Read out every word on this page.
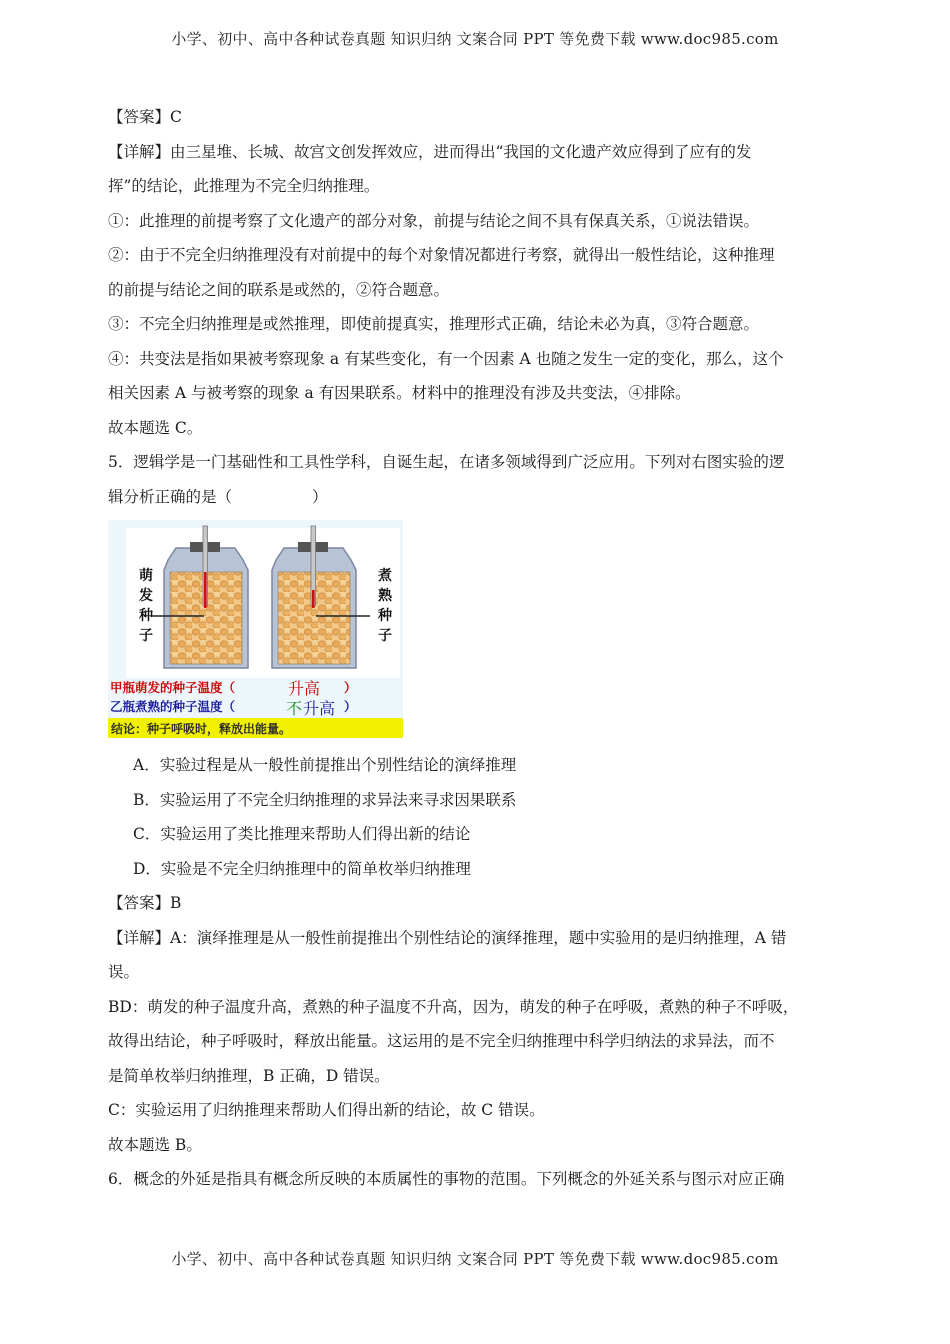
小学、初中、高中各种试卷真题 知识归纳 文案合同 PPT 等免费下载 www.doc985.com
【答案】C
【详解】由三星堆、长城、故宫文创发挥效应，进而得出“我国的文化遗产效应得到了应有的发
挥”的结论，此推理为不完全归纳推理。
①：此推理的前提考察了文化遗产的部分对象，前提与结论之间不具有保真关系，①说法错误。
②：由于不完全归纳推理没有对前提中的每个对象情况都进行考察，就得出一般性结论，这种推理
的前提与结论之间的联系是或然的，②符合题意。
③：不完全归纳推理是或然推理，即使前提真实，推理形式正确，结论未必为真，③符合题意。
④：共变法是指如果被考察现象 a 有某些变化，有一个因素 A 也随之发生一定的变化，那么，这个
相关因素 A 与被考察的现象 a 有因果联系。材料中的推理没有涉及共变法，④排除。
故本题选 C。
5．逻辑学是一门基础性和工具性学科，自诞生起，在诸多领域得到广泛应用。下列对右图实验的逻
辑分析正确的是（	）
萌
发
种
子
煮
熟
种
子
甲瓶萌发的种子温度（	升高 ）
乙瓶煮熟的种子温度（	不 升高 ）
结论：种子呼吸时，释放出能量。
A．实验过程是从一般性前提推出个别性结论的演绎推理
B．实验运用了不完全归纳推理的求异法来寻求因果联系
C．实验运用了类比推理来帮助人们得出新的结论
D．实验是不完全归纳推理中的简单枚举归纳推理
【答案】B
【详解】A：演绎推理是从一般性前提推出个别性结论的演绎推理，题中实验用的是归纳推理，A 错
误。
BD：萌发的种子温度升高，煮熟的种子温度不升高，因为，萌发的种子在呼吸，煮熟的种子不呼吸，
故得出结论，种子呼吸时，释放出能量。这运用的是不完全归纳推理中科学归纳法的求异法，而不
是简单枚举归纳推理，B 正确，D 错误。
C：实验运用了归纳推理来帮助人们得出新的结论，故 C 错误。
故本题选 B。
6．概念的外延是指具有概念所反映的本质属性的事物的范围。下列概念的外延关系与图示对应正确
小学、初中、高中各种试卷真题 知识归纳 文案合同 PPT 等免费下载 www.doc985.com
